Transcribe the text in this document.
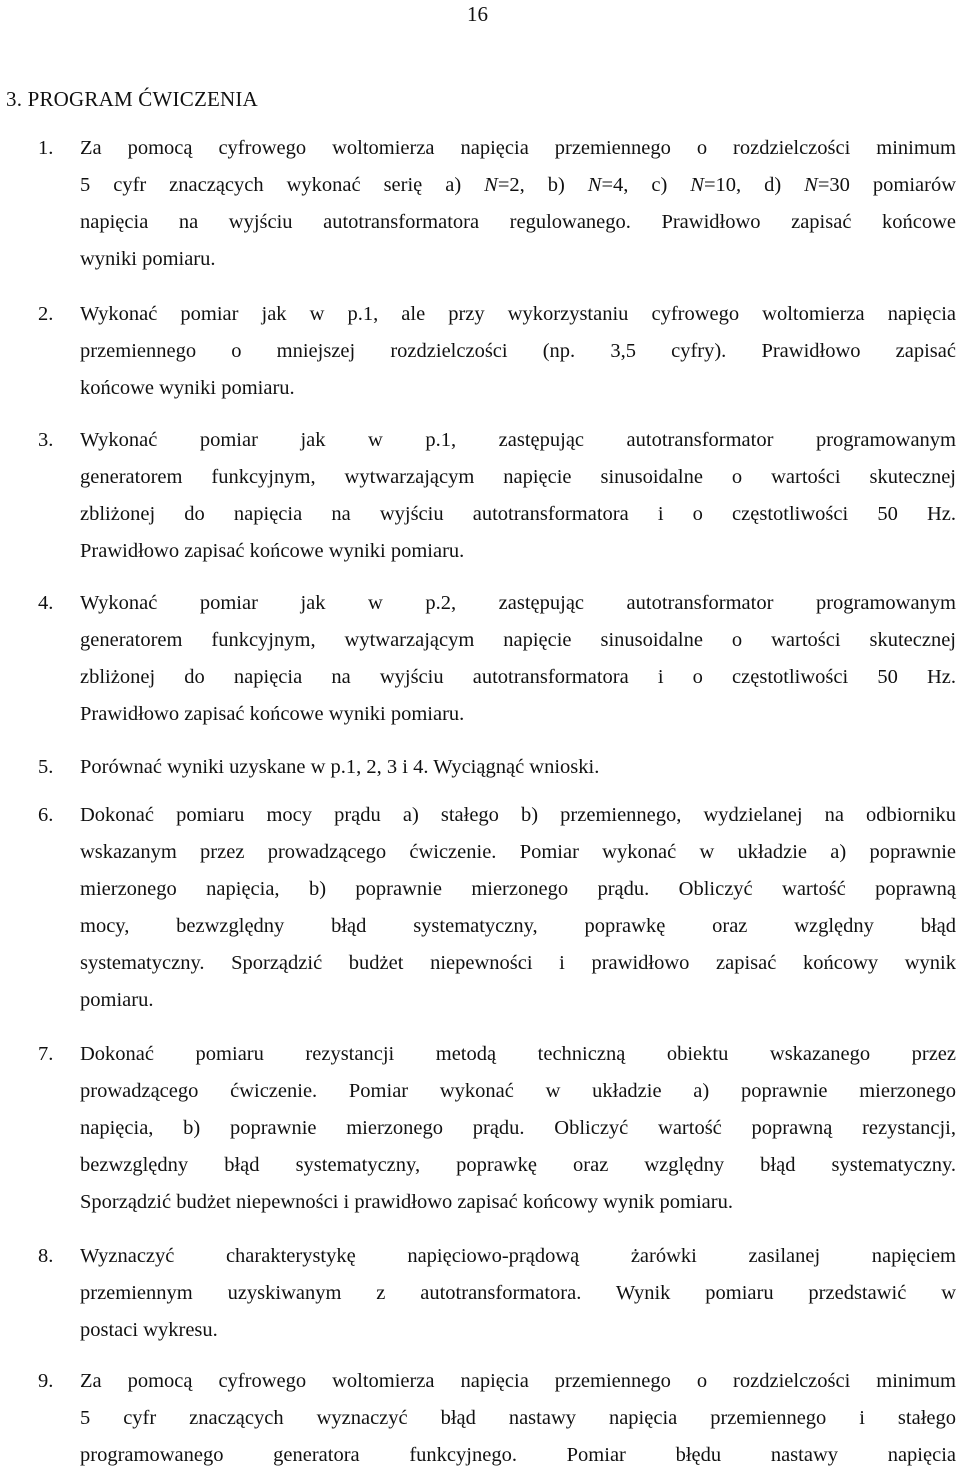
16
3. PROGRAM ĆWICZENIA
1. Za pomocą cyfrowego woltomierza napięcia przemiennego o rozdzielczości minimum
5 cyfr znaczących wykonać serię a) N=2, b) N=4, c) N=10, d) N=30 pomiarów
napięcia na wyjściu autotransformatora regulowanego. Prawidłowo zapisać końcowe
wyniki pomiaru.
2. Wykonać pomiar jak w p.1, ale przy wykorzystaniu cyfrowego woltomierza napięcia
przemiennego o mniejszej rozdzielczości (np. 3,5 cyfry). Prawidłowo zapisać
końcowe wyniki pomiaru.
3. Wykonać pomiar jak w p.1, zastępując autotransformator programowanym
generatorem funkcyjnym, wytwarzającym napięcie sinusoidalne o wartości skutecznej
zbliżonej do napięcia na wyjściu autotransformatora i o częstotliwości 50 Hz.
Prawidłowo zapisać końcowe wyniki pomiaru.
4. Wykonać pomiar jak w p.2, zastępując autotransformator programowanym
generatorem funkcyjnym, wytwarzającym napięcie sinusoidalne o wartości skutecznej
zbliżonej do napięcia na wyjściu autotransformatora i o częstotliwości 50 Hz.
Prawidłowo zapisać końcowe wyniki pomiaru.
5. Porównać wyniki uzyskane w p.1, 2, 3 i 4. Wyciągnąć wnioski.
6. Dokonać pomiaru mocy prądu a) stałego b) przemiennego, wydzielanej na odbiorniku
wskazanym przez prowadzącego ćwiczenie. Pomiar wykonać w układzie a) poprawnie
mierzonego napięcia, b) poprawnie mierzonego prądu. Obliczyć wartość poprawną
mocy, bezwzględny błąd systematyczny, poprawkę oraz względny błąd
systematyczny. Sporządzić budżet niepewności i prawidłowo zapisać końcowy wynik
pomiaru.
7. Dokonać pomiaru rezystancji metodą techniczną obiektu wskazanego przez
prowadzącego ćwiczenie. Pomiar wykonać w układzie a) poprawnie mierzonego
napięcia, b) poprawnie mierzonego prądu. Obliczyć wartość poprawną rezystancji,
bezwzględny błąd systematyczny, poprawkę oraz względny błąd systematyczny.
Sporządzić budżet niepewności i prawidłowo zapisać końcowy wynik pomiaru.
8. Wyznaczyć charakterystykę napięciowo-prądową żarówki zasilanej napięciem
przemiennym uzyskiwanym z autotransformatora. Wynik pomiaru przedstawić w
postaci wykresu.
9. Za pomocą cyfrowego woltomierza napięcia przemiennego o rozdzielczości minimum
5 cyfr znaczących wyznaczyć błąd nastawy napięcia przemiennego i stałego
programowanego generatora funkcyjnego. Pomiar błędu nastawy napięcia
